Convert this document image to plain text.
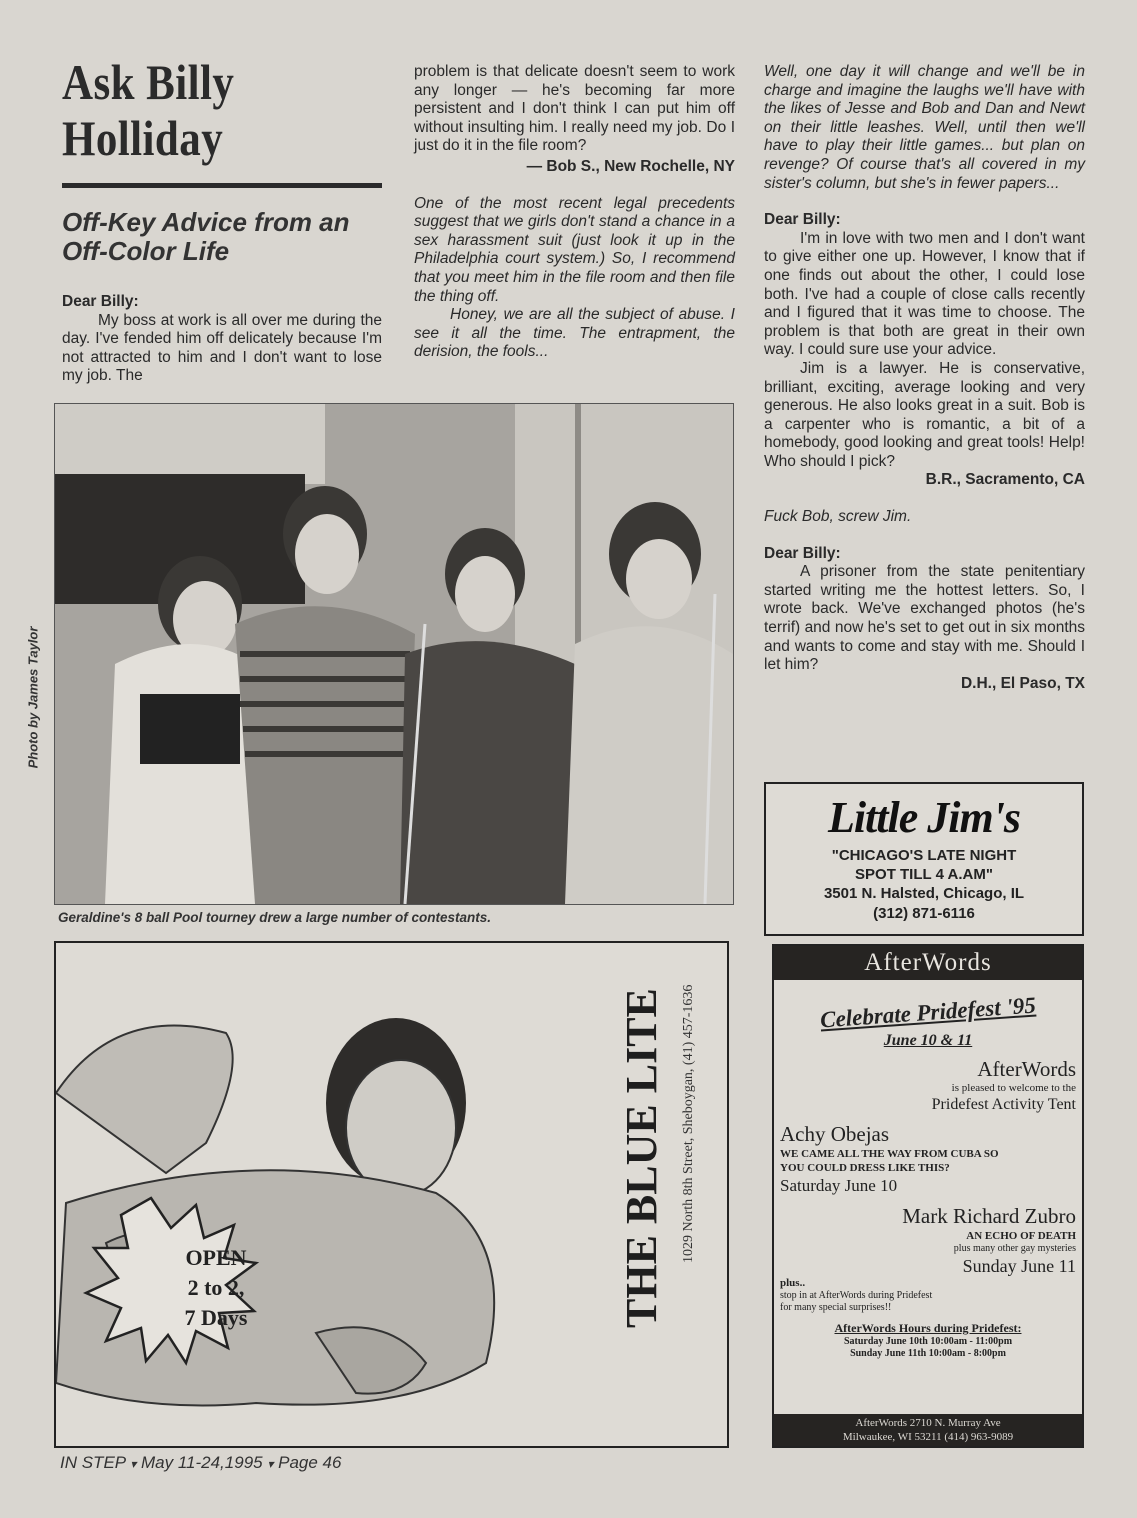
Ask Billy
Holliday
Off-Key Advice from an Off-Color Life

Dear Billy:

My boss at work is all over me during the day. I've fended him off delicately because I'm not attracted to him and I don't want to lose my job. The

problem is that delicate doesn't seem to work any longer — he's becoming far more persistent and I don't think I can put him off without insulting him. I really need my job. Do I just do it in the file room?

— Bob S., New Rochelle, NY

One of the most recent legal precedents suggest that we girls don't stand a chance in a sex harassment suit (just look it up in the Philadelphia court system.) So, I recommend that you meet him in the file room and then file the thing off.

Honey, we are all the subject of abuse. I see it all the time. The entrapment, the derision, the fools...

Well, one day it will change and we'll be in charge and imagine the laughs we'll have with the likes of Jesse and Bob and Dan and Newt on their little leashes. Well, until then we'll have to play their little games... but plan on revenge? Of course that's all covered in my sister's column, but she's in fewer papers...

Dear Billy:

I'm in love with two men and I don't want to give either one up. However, I know that if one finds out about the other, I could lose both. I've had a couple of close calls recently and I figured that it was time to choose. The problem is that both are great in their own way. I could sure use your advice.

Jim is a lawyer. He is conservative, brilliant, exciting, average looking and very generous. He also looks great in a suit. Bob is a carpenter who is romantic, a bit of a homebody, good looking and great tools! Help! Who should I pick?

B.R., Sacramento, CA

Fuck Bob, screw Jim.

Dear Billy:

A prisoner from the state penitentiary started writing me the hottest letters. So, I wrote back. We've exchanged photos (he's terrif) and now he's set to get out in six months and wants to come and stay with me. Should I let him?

D.H., El Paso, TX

Photo by James Taylor
Geraldine's 8 ball Pool tourney drew a large number of contestants.
OPEN
2 to 2,
7 Days	THE BLUE LITE 1029 North 8th Street, Sheboygan, (41) 457-1636
Little Jim's
"CHICAGO'S LATE NIGHT
SPOT TILL 4 A.AM"
3501 N. Halsted, Chicago, IL
(312) 871-6116
AfterWords
Celebrate Pridefest '95
June 10 & 11
AfterWords
is pleased to welcome to the
Pridefest Activity Tent
Achy Obejas
WE CAME ALL THE WAY FROM CUBA SO
YOU COULD DRESS LIKE THIS?
Saturday June 10
Mark Richard Zubro
AN ECHO OF DEATH
plus many other gay mysteries
Sunday June 11
plus..
stop in at AfterWords during Pridefest
for many special surprises!!
AfterWords Hours during Pridefest:
Saturday June 10th 10:00am - 11:00pm
Sunday June 11th 10:00am - 8:00pm
AfterWords 2710 N. Murray Ave
Milwaukee, WI 53211 (414) 963-9089
IN STEP ▾ May 11-24,1995 ▾ Page 46
